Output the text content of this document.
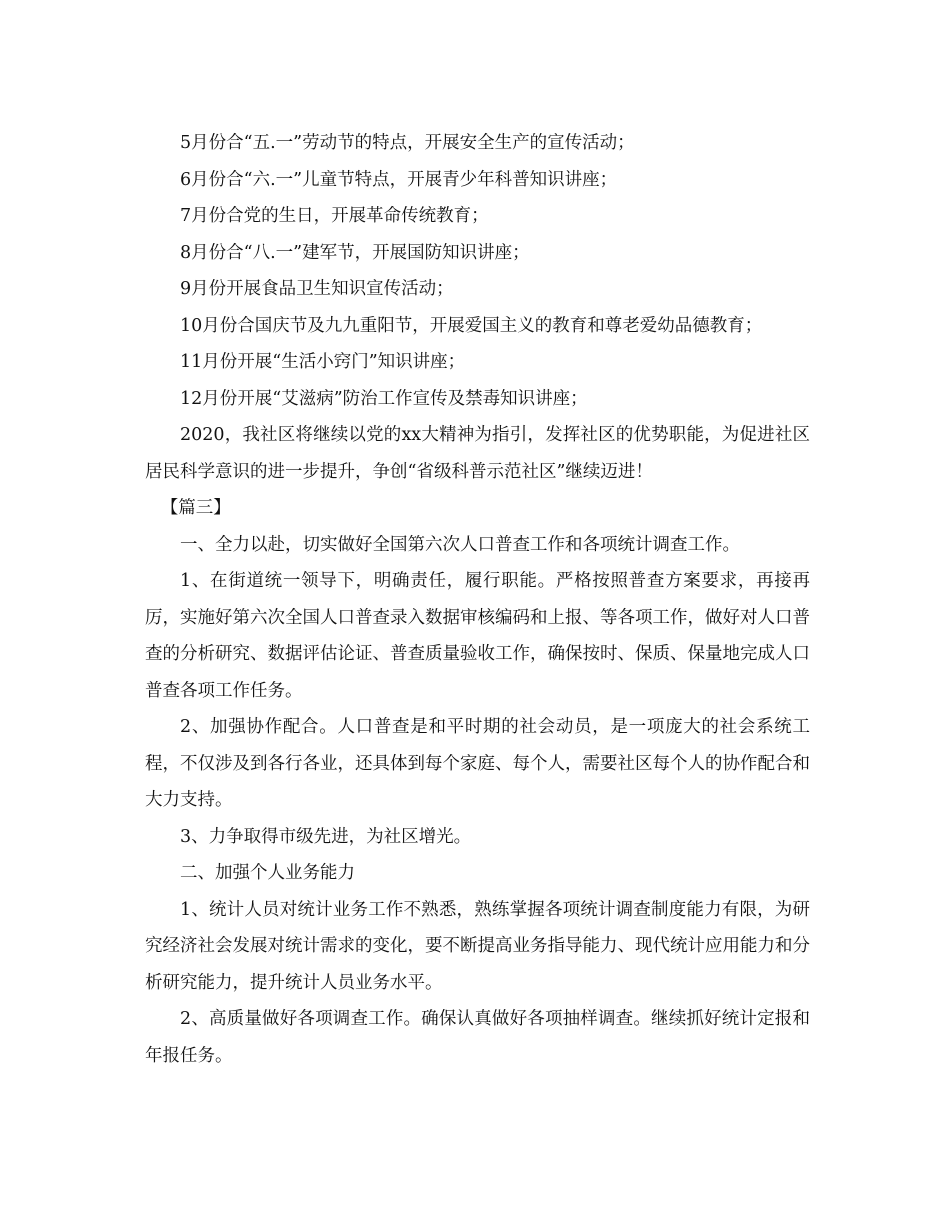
5月份合“五.一”劳动节的特点，开展安全生产的宣传活动；

6月份合“六.一”儿童节特点，开展青少年科普知识讲座；

7月份合党的生日，开展革命传统教育；

8月份合“八.一”建军节，开展国防知识讲座；

9月份开展食品卫生知识宣传活动；

10月份合国庆节及九九重阳节，开展爱国主义的教育和尊老爱幼品德教育；

11月份开展“生活小窍门”知识讲座；

12月份开展“艾滋病”防治工作宣传及禁毒知识讲座；

2020，我社区将继续以党的xx大精神为指引，发挥社区的优势职能，为促进社区居民科学意识的进一步提升，争创“省级科普示范社区”继续迈进！

【篇三】

一、全力以赴，切实做好全国第六次人口普查工作和各项统计调查工作。

1、在街道统一领导下，明确责任，履行职能。严格按照普查方案要求，再接再厉，实施好第六次全国人口普查录入数据审核编码和上报、等各项工作，做好对人口普查的分析研究、数据评估论证、普查质量验收工作，确保按时、保质、保量地完成人口普查各项工作任务。

2、加强协作配合。人口普查是和平时期的社会动员，是一项庞大的社会系统工程，不仅涉及到各行各业，还具体到每个家庭、每个人，需要社区每个人的协作配合和大力支持。

3、力争取得市级先进，为社区增光。

二、加强个人业务能力

1、统计人员对统计业务工作不熟悉，熟练掌握各项统计调查制度能力有限，为研究经济社会发展对统计需求的变化，要不断提高业务指导能力、现代统计应用能力和分析研究能力，提升统计人员业务水平。

2、高质量做好各项调查工作。确保认真做好各项抽样调查。继续抓好统计定报和年报任务。
